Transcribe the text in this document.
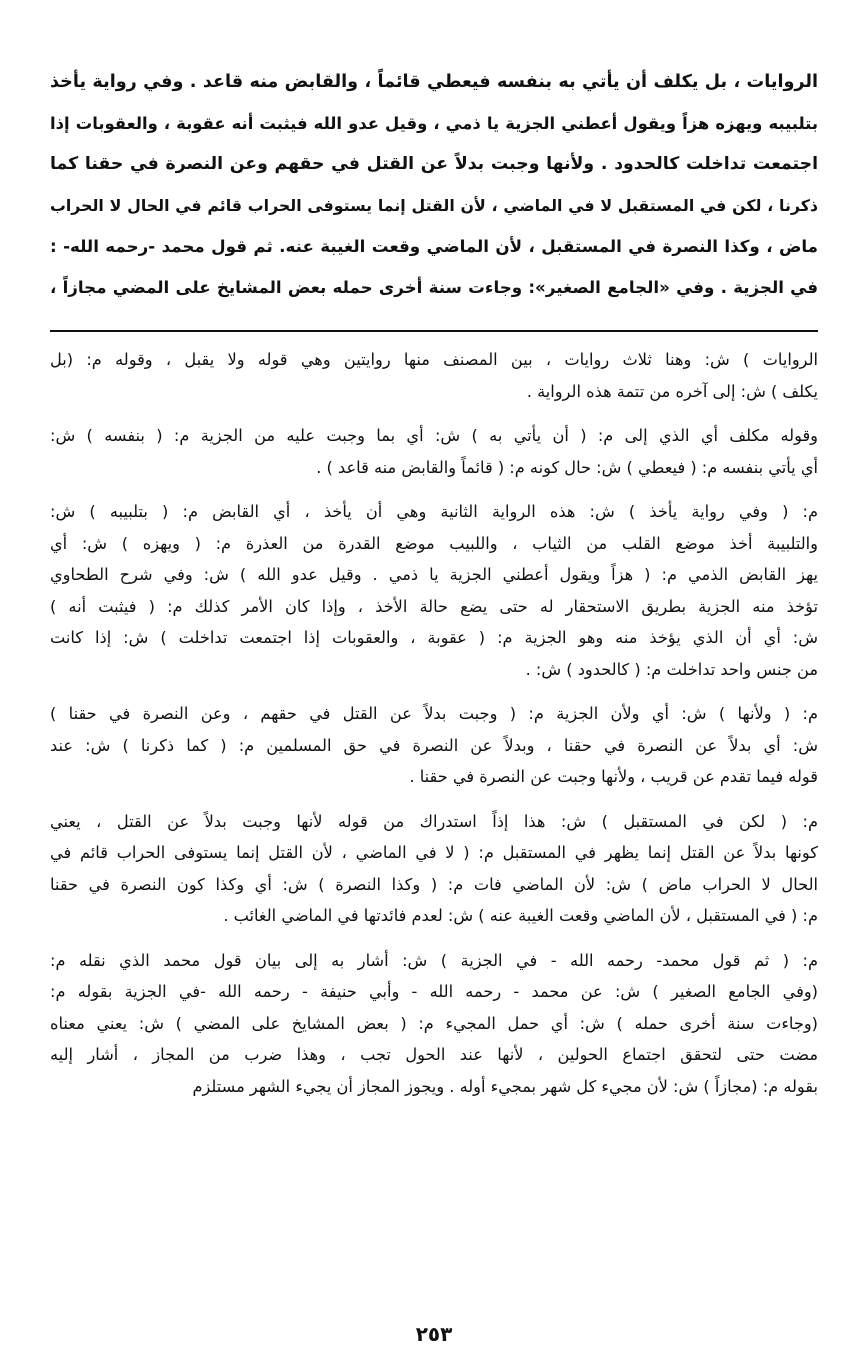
الروايات ، بل يكلف أن يأتي به بنفسه فيعطي قائماً ، والقابض منه قاعد . وفي رواية يأخذ
بتلبيبه ويهزه هزاً ويقول أعطني الجزية يا ذمي ، وقيل عدو الله فيثبت أنه عقوبة ، والعقوبات إذا
اجتمعت تداخلت كالحدود . ولأنها وجبت بدلاً عن القتل في حقهم وعن النصرة في حقنا كما
ذكرنا ، لكن في المستقبل لا في الماضي ، لأن القتل إنما يستوفى الحراب قائم في الحال لا الحراب
ماض ، وكذا النصرة في المستقبل ، لأن الماضي وقعت الغيبة عنه. ثم قول محمد -رحمه الله- :
في الجزية . وفي «الجامع الصغير»: وجاءت سنة أخرى حمله بعض المشايخ على المضي مجازاً ،
الروايات ) ش: وهنا ثلاث روايات ، بين المصنف منها روايتين وهي قوله ولا يقبل ، وقوله م: (بل
يكلف ) ش: إلى آخره من تتمة هذه الرواية .
وقوله مكلف أي الذي إلى م: ( أن يأتي به ) ش: أي بما وجبت عليه من الجزية م: ( بنفسه ) ش:
أي يأتي بنفسه م: ( فيعطي ) ش: حال كونه م: ( قائماً والقابض منه قاعد ) .
م: ( وفي رواية يأخذ ) ش: هذه الرواية الثانية وهي أن يأخذ ، أي القابض م: ( بتلبيبه ) ش:
والتلبيبة أخذ موضع القلب من الثياب ، واللبيب موضع القدرة من العذرة م: ( ويهزه ) ش: أي
يهز القابض الذمي م: ( هزاً ويقول أعطني الجزية يا ذمي . وقيل عدو الله ) ش: وفي شرح الطحاوي
تؤخذ منه الجزية بطريق الاستحقار له حتى يضع حالة الأخذ ، وإذا كان الأمر كذلك م: ( فيثبت أنه )
ش: أي أن الذي يؤخذ منه وهو الجزية م: ( عقوبة ، والعقوبات إذا اجتمعت تداخلت ) ش: إذا كانت
من جنس واحد تداخلت م: ( كالحدود ) ش: .
م: ( ولأنها ) ش: أي ولأن الجزية م: ( وجبت بدلاً عن القتل في حقهم ، وعن النصرة في حقنا )
ش: أي بدلاً عن النصرة في حقنا ، وبدلاً عن النصرة في حق المسلمين م: ( كما ذكرنا ) ش: عند
قوله فيما تقدم عن قريب ، ولأنها وجبت عن النصرة في حقنا .
م: ( لكن في المستقبل ) ش: هذا إذاً استدراك من قوله لأنها وجبت بدلاً عن القتل ، يعني
كونها بدلاً عن القتل إنما يظهر في المستقبل م: ( لا في الماضي ، لأن القتل إنما يستوفى الحراب قائم في
الحال لا الحراب ماض ) ش: لأن الماضي فات م: ( وكذا النصرة ) ش: أي وكذا كون النصرة في حقنا
م: ( في المستقبل ، لأن الماضي وقعت الغيبة عنه ) ش: لعدم فائدتها في الماضي الغائب .
م: ( ثم قول محمد- رحمه الله - في الجزية ) ش: أشار به إلى بيان قول محمد الذي نقله م:
(وفي الجامع الصغير ) ش: عن محمد - رحمه الله - وأبي حنيفة - رحمه الله -في الجزية بقوله م:
(وجاءت سنة أخرى حمله ) ش: أي حمل المجيء م: ( بعض المشايخ على المضي ) ش: يعني معناه
مضت حتى لتحقق اجتماع الحولين ، لأنها عند الحول تجب ، وهذا ضرب من المجاز ، أشار إليه
بقوله م: (مجازاً ) ش: لأن مجيء كل شهر بمجيء أوله . ويجوز المجاز أن يجيء الشهر مستلزم
٢٥٣
